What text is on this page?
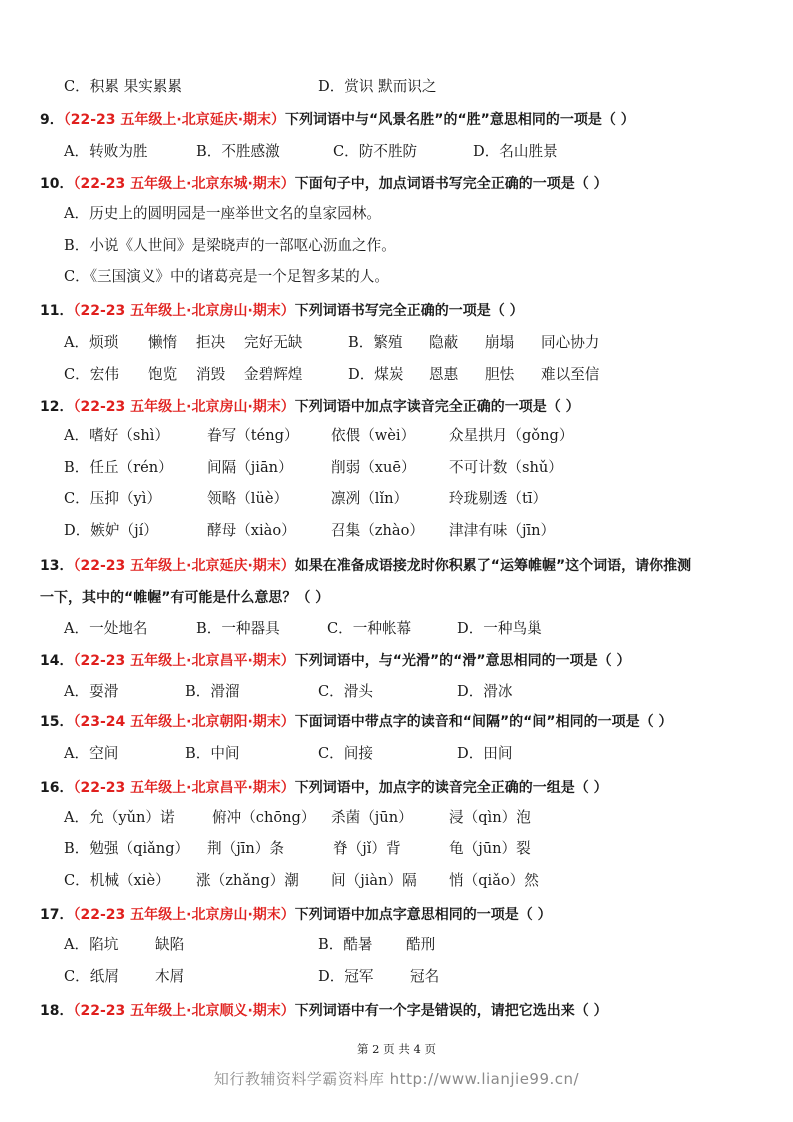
C．积累 果实累累	D．赏识 默而识之
9．（22-23 五年级上·北京延庆·期末）下列词语中与“风景名胜”的“胜”意思相同的一项是（ ）
A．转败为胜	B．不胜感激	C．防不胜防	D．名山胜景
10．（22-23 五年级上·北京东城·期末）下面句子中，加点词语书写完全正确的一项是（ ）
A．历史上的圆明园是一座举世文名的皇家园林。
B．小说《人世间》是梁晓声的一部呕心沥血之作。
C．《三国演义》中的诸葛亮是一个足智多某的人。
11．（22-23 五年级上·北京房山·期末）下列词语书写完全正确的一项是（ ）
A．烦琐 懒惰 拒决 完好无缺	B．繁殖 隐蔽 崩塌 同心协力
C．宏伟 饱览 消毁 金碧辉煌	D．煤炭 恩惠 胆怯 难以至信
12．（22-23 五年级上·北京房山·期末）下列词语中加点字读音完全正确的一项是（ ）
A．嗜好（shì）	眷写（téng） 依偎（wèi） 众星拱月（gǒng）
B．任丘（rén） 间隔（jiān）	削弱（xuē） 不可计数（shǔ）
C．压抑（yì）	领略（lüè）	凛冽（lǐn）	玲珑剔透（tī）
D．嫉妒（jí）	酵母（xiào） 召集（zhào） 津津有味（jīn）
13．（22-23 五年级上·北京延庆·期末）如果在准备成语接龙时你积累了“运筹帷幄”这个词语，请你推测
一下，其中的“帷幄”有可能是什么意思？（ ）
A．一处地名	B．一种器具	C．一种帐幕	D．一种鸟巢
14．（22-23 五年级上·北京昌平·期末）下列词语中，与“光滑”的“滑”意思相同的一项是（ ）
A．耍滑	B．滑溜	C．滑头	D．滑冰
15．（23-24 五年级上·北京朝阳·期末）下面词语中带点字的读音和“间隔”的“间”相同的一项是（ ）
A．空间	B．中间	C．间接	D．田间
16．（22-23 五年级上·北京昌平·期末）下列词语中，加点字的读音完全正确的一组是（ ）
A．允（yǔn）诺	俯冲（chōng） 杀菌（jūn） 浸（qìn）泡
B．勉强（qiǎng） 荆（jīn）条	脊（jǐ）背	龟（jūn）裂
C．机械（xiè） 涨（zhǎng）潮 间（jiàn）隔 悄（qiǎo）然
17．（22-23 五年级上·北京房山·期末）下列词语中加点字意思相同的一项是（ ）
A．陷坑	缺陷	B．酷暑 酷刑
C．纸屑 木屑	D．冠军	冠名
18．（22-23 五年级上·北京顺义·期末）下列词语中有一个字是错误的，请把它选出来（ ）
第 2 页 共 4 页
知行教辅资料学霸资料库 http://www.lianjie99.cn/
